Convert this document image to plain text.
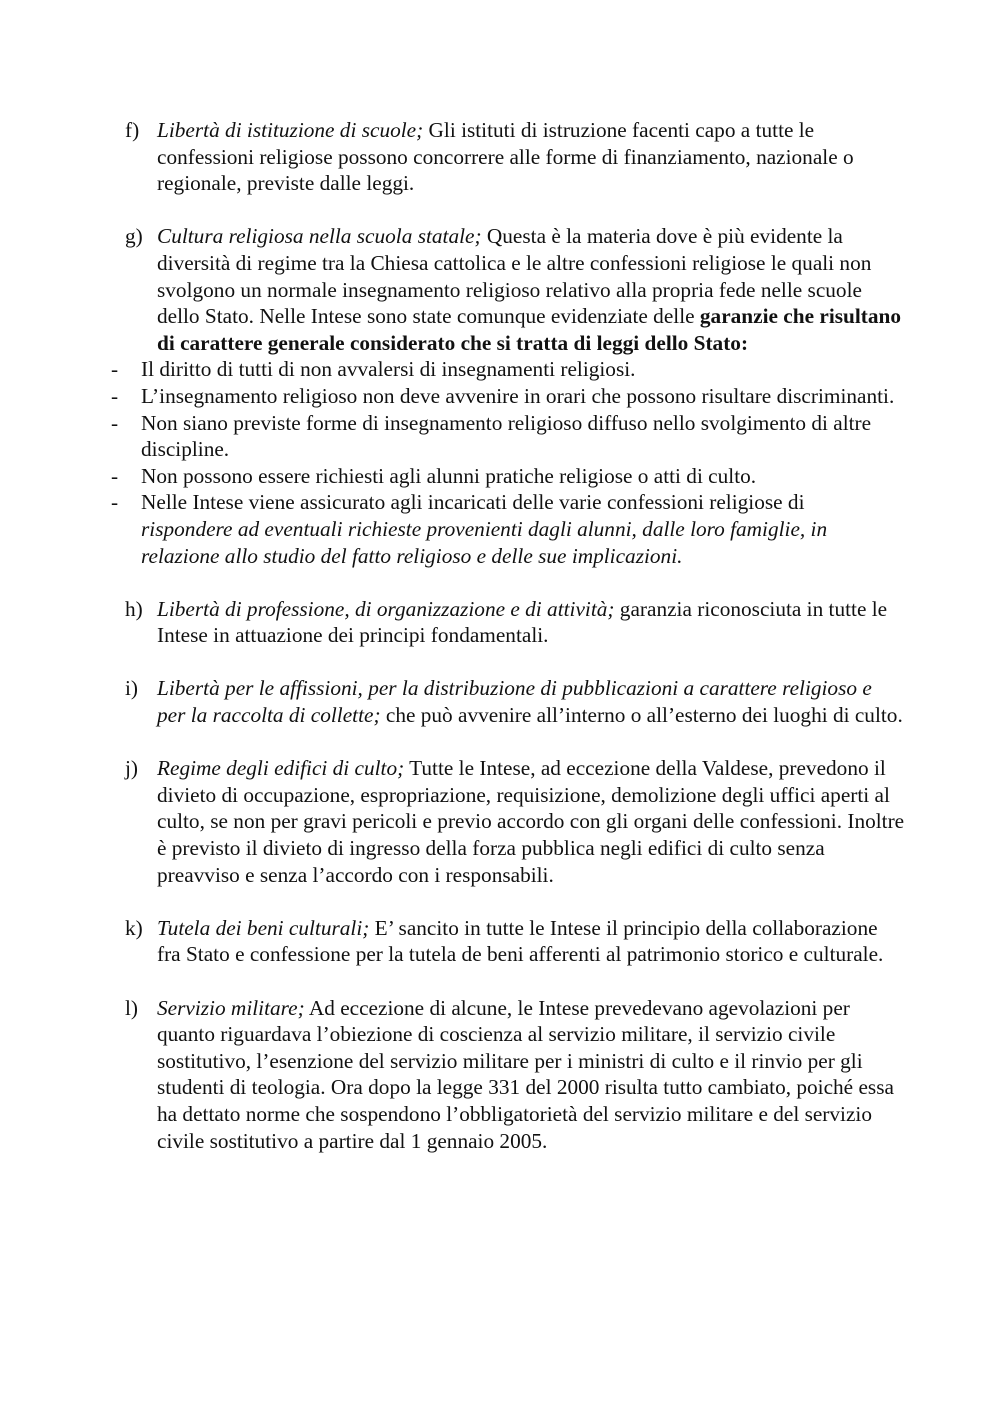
f) Libertà di istituzione di scuole; Gli istituti di istruzione facenti capo a tutte le confessioni religiose possono concorrere alle forme di finanziamento, nazionale o regionale, previste dalle leggi.
g) Cultura religiosa nella scuola statale; Questa è la materia dove è più evidente la diversità di regime tra la Chiesa cattolica e le altre confessioni religiose le quali non svolgono un normale insegnamento religioso relativo alla propria fede nelle scuole dello Stato. Nelle Intese sono state comunque evidenziate delle garanzie che risultano di carattere generale considerato che si tratta di leggi dello Stato:
- Il diritto di tutti di non avvalersi di insegnamenti religiosi.
- L’insegnamento religioso non deve avvenire in orari che possono risultare discriminanti.
- Non siano previste forme di insegnamento religioso diffuso nello svolgimento di altre discipline.
- Non possono essere richiesti agli alunni pratiche religiose o atti di culto.
- Nelle Intese viene assicurato agli incaricati delle varie confessioni religiose di rispondere ad eventuali richieste provenienti dagli alunni, dalle loro famiglie, in relazione allo studio del fatto religioso e delle sue implicazioni.
h) Libertà di professione, di organizzazione e di attività; garanzia riconosciuta in tutte le Intese in attuazione dei principi fondamentali.
i) Libertà per le affissioni, per la distribuzione di pubblicazioni a carattere religioso e per la raccolta di collette; che può avvenire all’interno o all’esterno dei luoghi di culto.
j) Regime degli edifici di culto; Tutte le Intese, ad eccezione della Valdese, prevedono il divieto di occupazione, espropriazione, requisizione, demolizione degli uffici aperti al culto, se non per gravi pericoli e previo accordo con gli organi delle confessioni. Inoltre è previsto il divieto di ingresso della forza pubblica negli edifici di culto senza preavviso e senza l’accordo con i responsabili.
k) Tutela dei beni culturali; E’ sancito in tutte le Intese il principio della collaborazione fra Stato e confessione per la tutela de beni afferenti al patrimonio storico e culturale.
l) Servizio militare; Ad eccezione di alcune, le Intese prevedevano agevolazioni per quanto riguardava l’obiezione di coscienza al servizio militare, il servizio civile sostitutivo, l’esenzione del servizio militare per i ministri di culto e il rinvio per gli studenti di teologia. Ora dopo la legge 331 del 2000 risulta tutto cambiato, poiché essa ha dettato norme che sospendono l’obbligatorietà del servizio militare e del servizio civile sostitutivo a partire dal 1 gennaio 2005.
